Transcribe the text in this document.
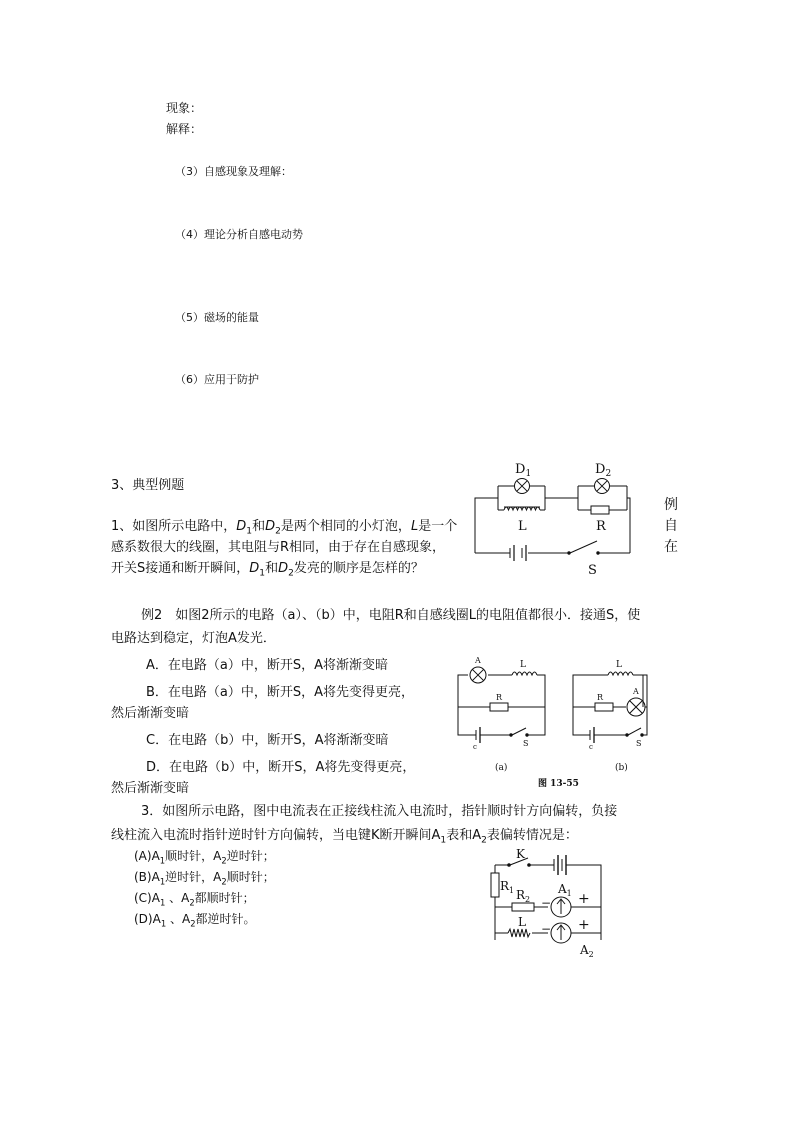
现象：
解释：
（3）自感现象及理解：
（4）理论分析自感电动势
（5）磁场的能量
（6）应用于防护
3、典型例题
1、如图所示电路中，$D_1$和$D_2$是两个相同的小灯泡，L是一个
感系数很大的线圈，其电阻与R相同，由于存在自感现象，
开关S接通和断开瞬间，$D_1$和$D_2$发亮的顺序是怎样的？
例
自
在
$D_1$	$D_2$
L	R
S
例2　如图2所示的电路（a）、（b）中，电阻R和自感线圈L的电阻值都很小．接通S，使
电路达到稳定，灯泡A发光．
A．在电路（a）中，断开S，A将渐渐变暗
B．在电路（a）中，断开S，A将先变得更亮，
然后渐渐变暗
C．在电路（b）中，断开S，A将渐渐变暗
D．在电路（b）中，断开S，A将先变得更亮，
然后渐渐变暗
A	L
R
c	S
(a)
L
R
A
c	S
(b)
图 13-55
3．如图所示电路，图中电流表在正接线柱流入电流时，指针顺时针方向偏转，负接
线柱流入电流时指针逆时针方向偏转，当电键K断开瞬间$A_1$表和$A_2$表偏转情况是：
$(A)A_1$顺时针，$A_2$逆时针；
$(B)A_1$逆时针，$A_2$顺时针；
$(C)A_1$ 、$A_2$都顺时针；
$(D)A_1$ 、$A_2$都逆时针。
K
$R_1$ $R_2$
$A_1$
− +
L − +
$A_2$
